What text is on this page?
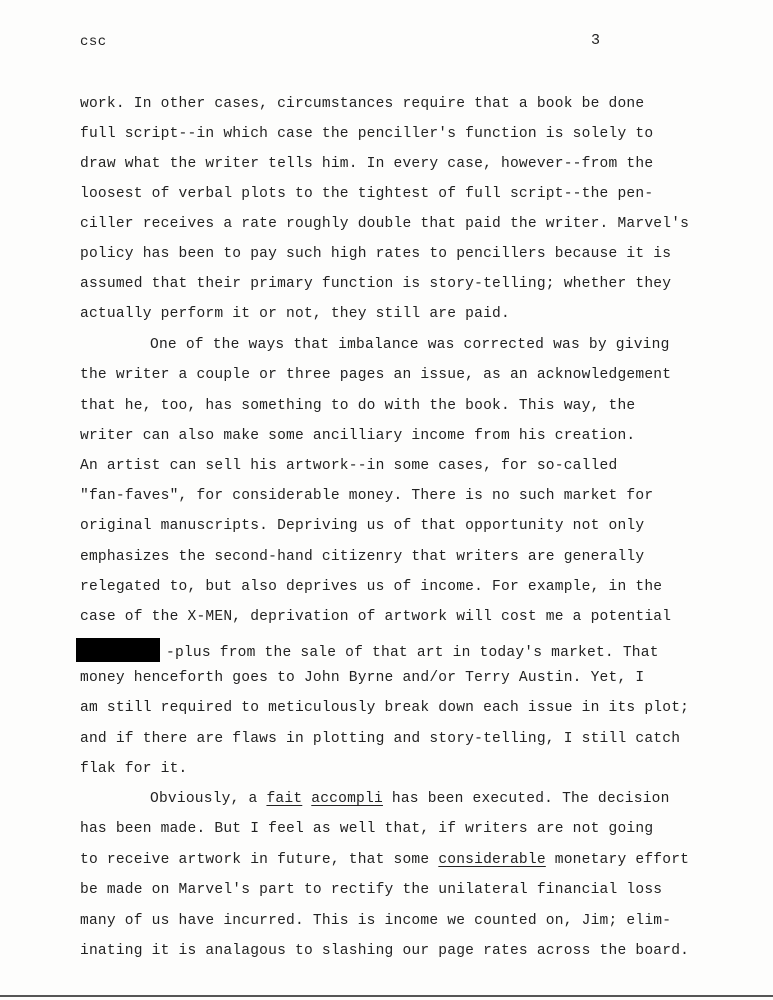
csc	3
work. In other cases, circumstances require that a book be done
full script--in which case the penciller's function is solely to
draw what the writer tells him. In every case, however--from the
loosest of verbal plots to the tightest of full script--the pen-
ciller receives a rate roughly double that paid the writer. Marvel's
policy has been to pay such high rates to pencillers because it is
assumed that their primary function is story-telling; whether they
actually perform it or not, they still are paid.
One of the ways that imbalance was corrected was by giving
the writer a couple or three pages an issue, as an acknowledgement
that he, too, has something to do with the book. This way, the
writer can also make some ancilliary income from his creation.
An artist can sell his artwork--in some cases, for so-called
"fan-faves", for considerable money. There is no such market for
original manuscripts. Depriving us of that opportunity not only
emphasizes the second-hand citizenry that writers are generally
relegated to, but also deprives us of income. For example, in the
case of the X-MEN, deprivation of artwork will cost me a potential
-plus from the sale of that art in today's market. That
money henceforth goes to John Byrne and/or Terry Austin. Yet, I
am still required to meticulously break down each issue in its plot;
and if there are flaws in plotting and story-telling, I still catch
flak for it.
Obviously, a fait accompli has been executed. The decision
has been made. But I feel as well that, if writers are not going
to receive artwork in future, that some considerable monetary effort
be made on Marvel's part to rectify the unilateral financial loss
many of us have incurred. This is income we counted on, Jim; elim-
inating it is analagous to slashing our page rates across the board.
